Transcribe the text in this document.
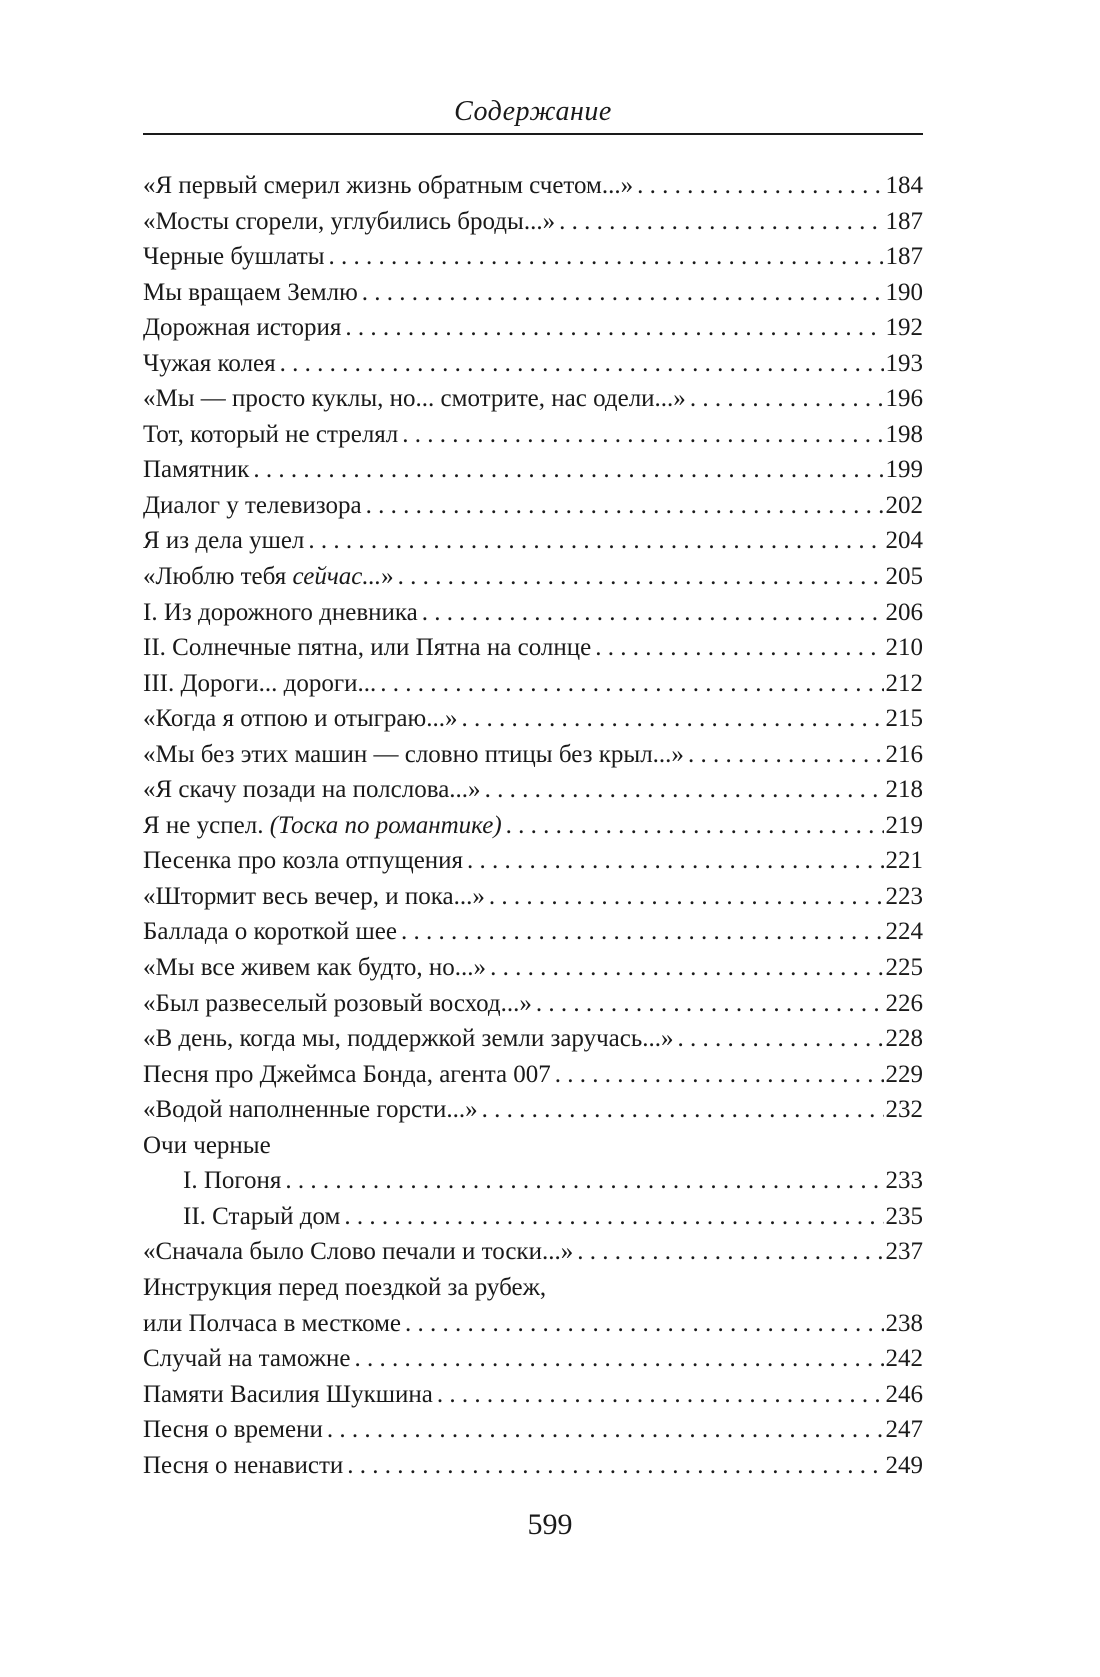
Содержание
«Я первый смерил жизнь обратным счетом...» . . .	184
«Мосты сгорели, углубились броды...» . . .	187
Черные бушлаты . . .	187
Мы вращаем Землю . . .	190
Дорожная история . . .	192
Чужая колея . . .	193
«Мы — просто куклы, но... смотрите, нас одели...» . . .	196
Тот, который не стрелял . . .	198
Памятник . . .	199
Диалог у телевизора . . .	202
Я из дела ушел . . .	204
«Люблю тебя сейчас...» . . .	205
I. Из дорожного дневника . . .	206
II. Солнечные пятна, или Пятна на солнце . . .	210
III. Дороги... дороги... . . .	212
«Когда я отпою и отыграю...» . . .	215
«Мы без этих машин — словно птицы без крыл...» . . .	216
«Я скачу позади на полслова...» . . .	218
Я не успел. (Тоска по романтике) . . .	219
Песенка про козла отпущения . . .	221
«Штормит весь вечер, и пока...» . . .	223
Баллада о короткой шее . . .	224
«Мы все живем как будто, но...» . . .	225
«Был развеселый розовый восход...» . . .	226
«В день, когда мы, поддержкой земли заручась...» . . .	228
Песня про Джеймса Бонда, агента 007 . . .	229
«Водой наполненные горсти...» . . .	232
Очи черные
I. Погоня . . .	233
II. Старый дом . . .	235
«Сначала было Слово печали и тоски...» . . .	237
Инструкция перед поездкой за рубеж,
или Полчаса в месткоме . . .	238
Случай на таможне . . .	242
Памяти Василия Шукшина . . .	246
Песня о времени . . .	247
Песня о ненависти . . .	249
599
